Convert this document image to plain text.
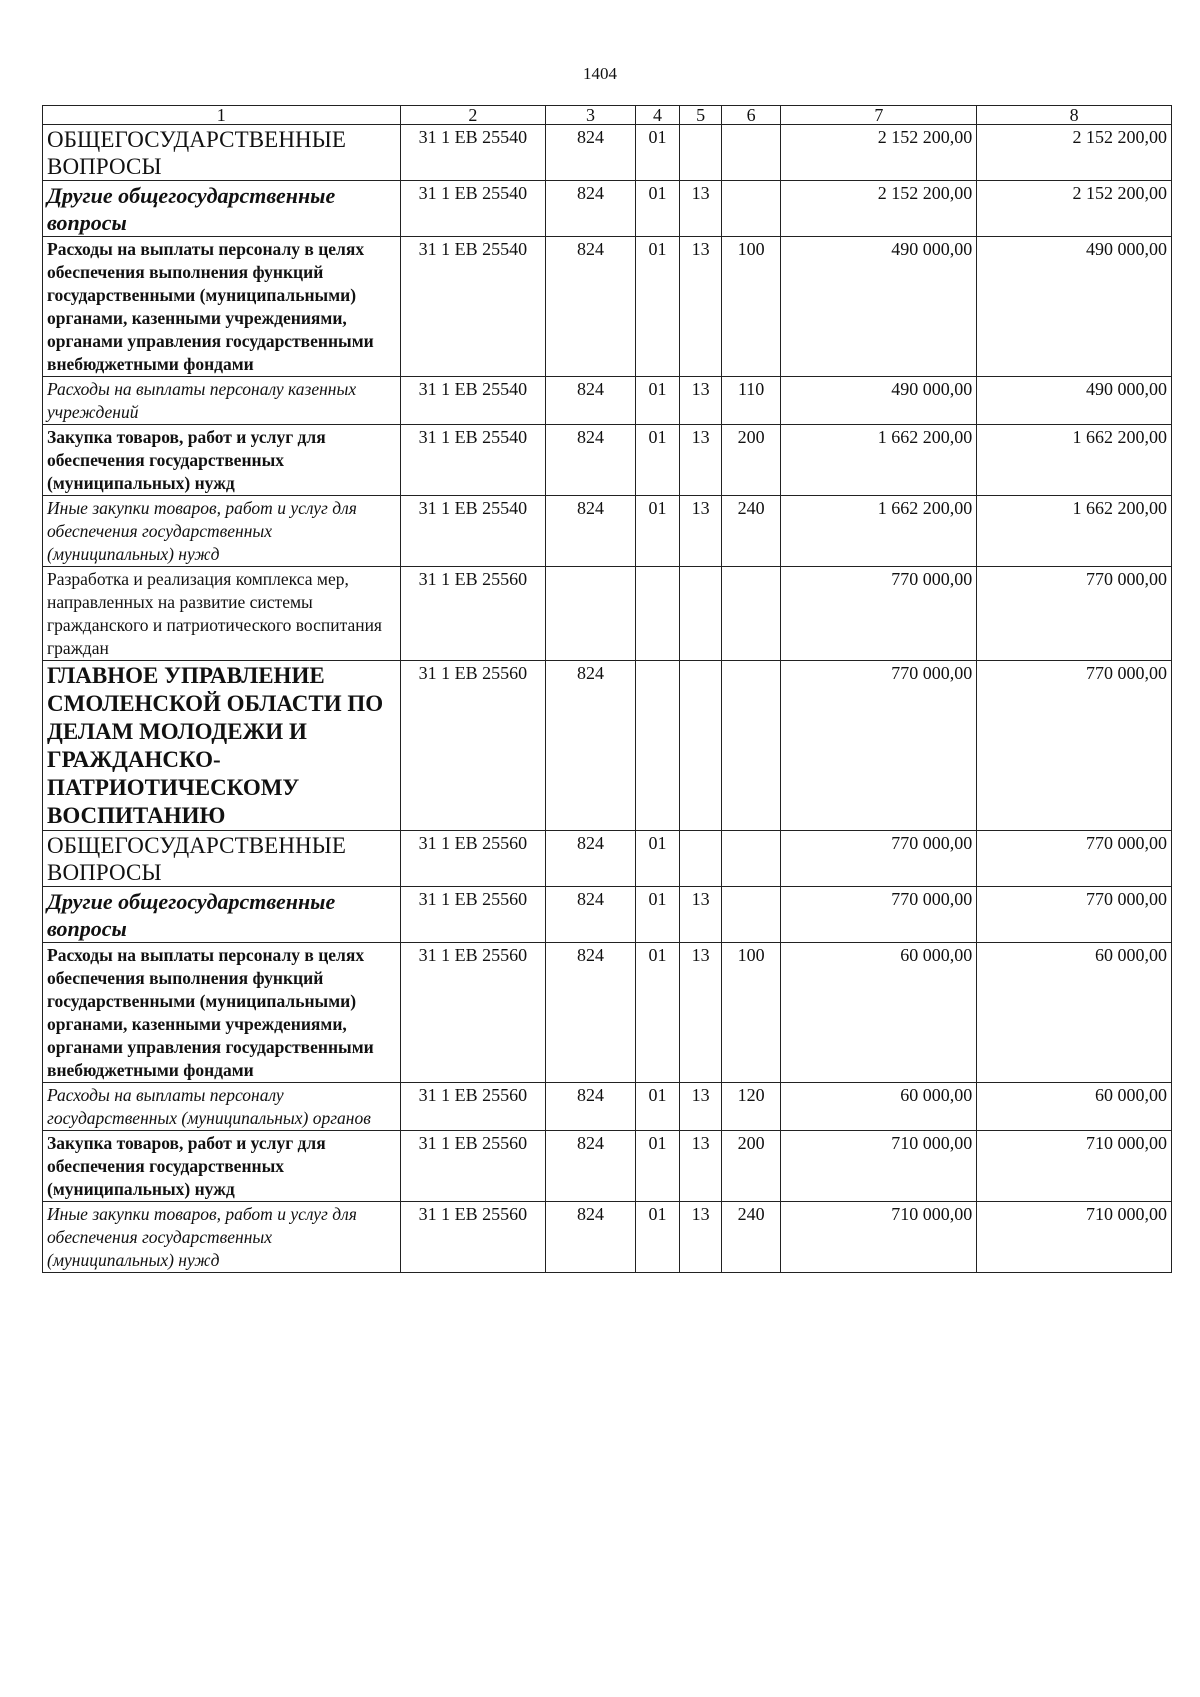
1404
1	2	3	4	5	6	7	8
ОБЩЕГОСУДАРСТВЕННЫЕ ВОПРОСЫ	31 1 ЕВ 25540	824	01			2 152 200,00	2 152 200,00
Другие общегосударственные вопросы	31 1 ЕВ 25540	824	01	13		2 152 200,00	2 152 200,00
Расходы на выплаты персоналу в целях обеспечения выполнения функций государственными (муниципальными) органами, казенными учреждениями, органами управления государственными внебюджетными фондами	31 1 ЕВ 25540	824	01	13	100	490 000,00	490 000,00
Расходы на выплаты персоналу казенных учреждений	31 1 ЕВ 25540	824	01	13	110	490 000,00	490 000,00
Закупка товаров, работ и услуг для обеспечения государственных (муниципальных) нужд	31 1 ЕВ 25540	824	01	13	200	1 662 200,00	1 662 200,00
Иные закупки товаров, работ и услуг для обеспечения государственных (муниципальных) нужд	31 1 ЕВ 25540	824	01	13	240	1 662 200,00	1 662 200,00
Разработка и реализация комплекса мер, направленных на развитие системы гражданского и патриотического воспитания граждан	31 1 ЕВ 25560					770 000,00	770 000,00
ГЛАВНОЕ УПРАВЛЕНИЕ СМОЛЕНСКОЙ ОБЛАСТИ ПО ДЕЛАМ МОЛОДЕЖИ И ГРАЖДАНСКО-ПАТРИОТИЧЕСКОМУ ВОСПИТАНИЮ	31 1 ЕВ 25560	824				770 000,00	770 000,00
ОБЩЕГОСУДАРСТВЕННЫЕ ВОПРОСЫ	31 1 ЕВ 25560	824	01			770 000,00	770 000,00
Другие общегосударственные вопросы	31 1 ЕВ 25560	824	01	13		770 000,00	770 000,00
Расходы на выплаты персоналу в целях обеспечения выполнения функций государственными (муниципальными) органами, казенными учреждениями, органами управления государственными внебюджетными фондами	31 1 ЕВ 25560	824	01	13	100	60 000,00	60 000,00
Расходы на выплаты персоналу государственных (муниципальных) органов	31 1 ЕВ 25560	824	01	13	120	60 000,00	60 000,00
Закупка товаров, работ и услуг для обеспечения государственных (муниципальных) нужд	31 1 ЕВ 25560	824	01	13	200	710 000,00	710 000,00
Иные закупки товаров, работ и услуг для обеспечения государственных (муниципальных) нужд	31 1 ЕВ 25560	824	01	13	240	710 000,00	710 000,00
